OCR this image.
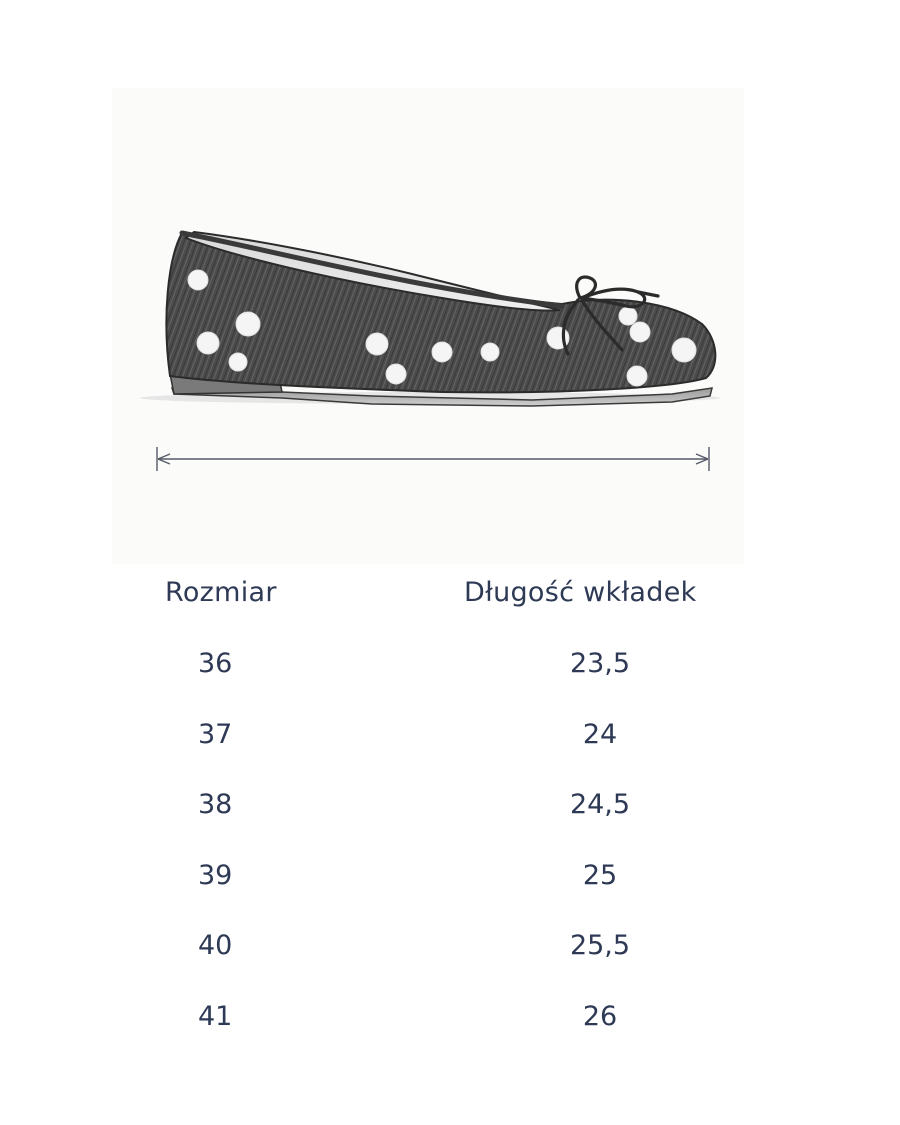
Rozmiar	Długość wkładek
36	23,5
37	24
38	24,5
39	25
40	25,5
41	26
